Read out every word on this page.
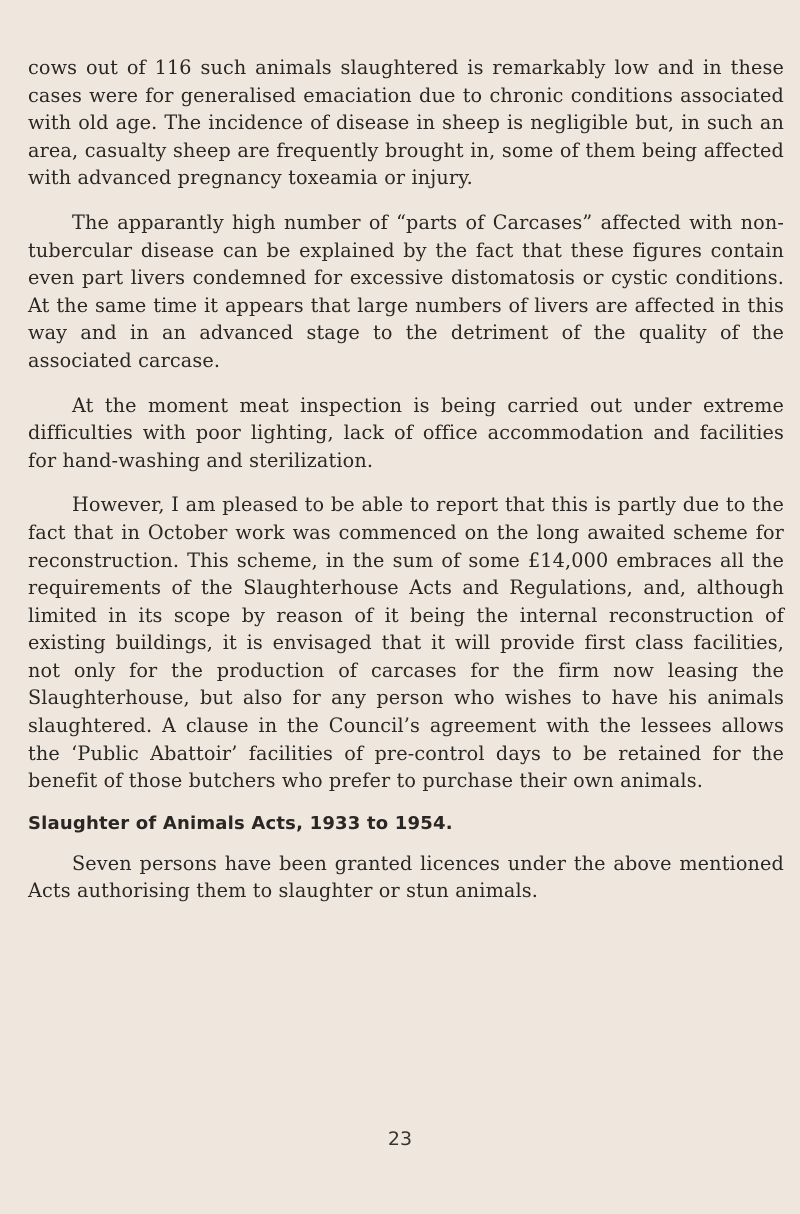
cows out of 116 such animals slaughtered is remarkably low and in these cases were for generalised emaciation due to chronic conditions associated with old age. The incidence of disease in sheep is negligible but, in such an area, casualty sheep are frequently brought in, some of them being affected with advanced pregnancy toxeamia or injury.

The apparantly high number of “parts of Carcases” affected with non-tubercular disease can be explained by the fact that these figures contain even part livers condemned for excessive distomatosis or cystic conditions. At the same time it appears that large numbers of livers are affected in this way and in an advanced stage to the detriment of the quality of the associated carcase.

At the moment meat inspection is being carried out under extreme difficulties with poor lighting, lack of office accommodation and facilities for hand-washing and sterilization.

However, I am pleased to be able to report that this is partly due to the fact that in October work was commenced on the long awaited scheme for reconstruction. This scheme, in the sum of some £14,000 embraces all the requirements of the Slaughterhouse Acts and Regulations, and, although limited in its scope by reason of it being the internal reconstruction of existing buildings, it is envisaged that it will provide first class facilities, not only for the production of carcases for the firm now leasing the Slaughterhouse, but also for any person who wishes to have his animals slaughtered. A clause in the Council’s agreement with the lessees allows the ‘Public Abattoir’ facilities of pre-control days to be retained for the benefit of those butchers who prefer to purchase their own animals.

Slaughter of Animals Acts, 1933 to 1954.

Seven persons have been granted licences under the above mentioned Acts authorising them to slaughter or stun animals.

23
